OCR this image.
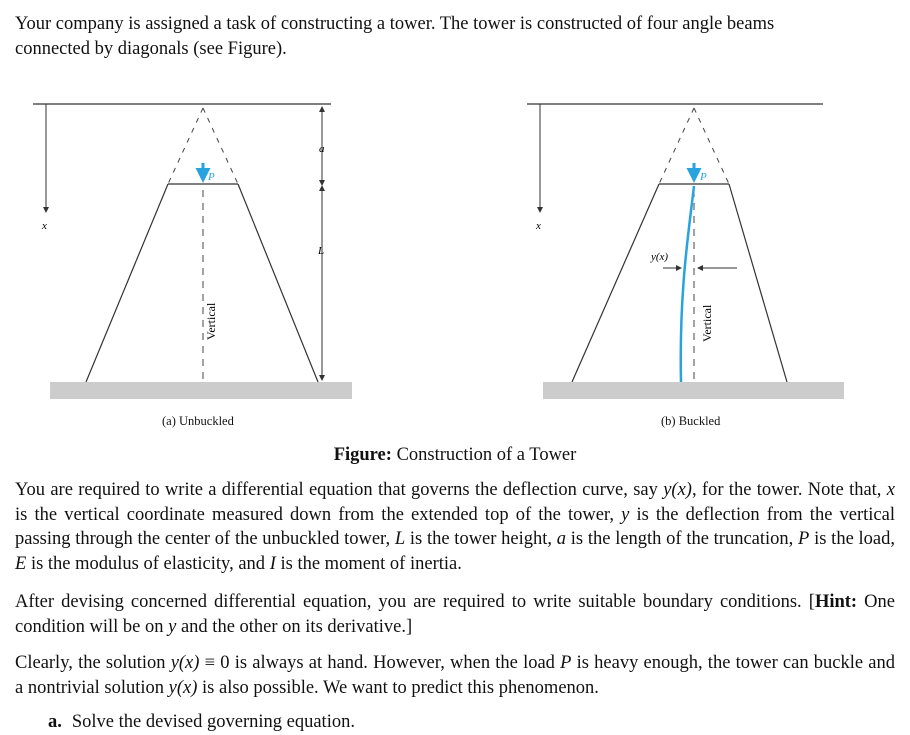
Your company is assigned a task of constructing a tower. The tower is constructed of four angle beams
connected by diagonals (see Figure).
a
L
x
P
Vertical
y(x)
x
P
Vertical
(a) Unbuckled	(b) Buckled
Figure: Construction of a Tower
You are required to write a differential equation that governs the deflection curve, say y(x), for the tower. Note that, x is the vertical coordinate measured down from the extended top of the tower, y is the deflection from the vertical passing through the center of the unbuckled tower, L is the tower height, a is the length of the truncation, P is the load, E is the modulus of elasticity, and I is the moment of inertia.
After devising concerned differential equation, you are required to write suitable boundary conditions. [Hint: One condition will be on y and the other on its derivative.]
Clearly, the solution y(x) ≡ 0 is always at hand. However, when the load P is heavy enough, the tower can buckle and a nontrivial solution y(x) is also possible. We want to predict this phenomenon.
a. Solve the devised governing equation.
